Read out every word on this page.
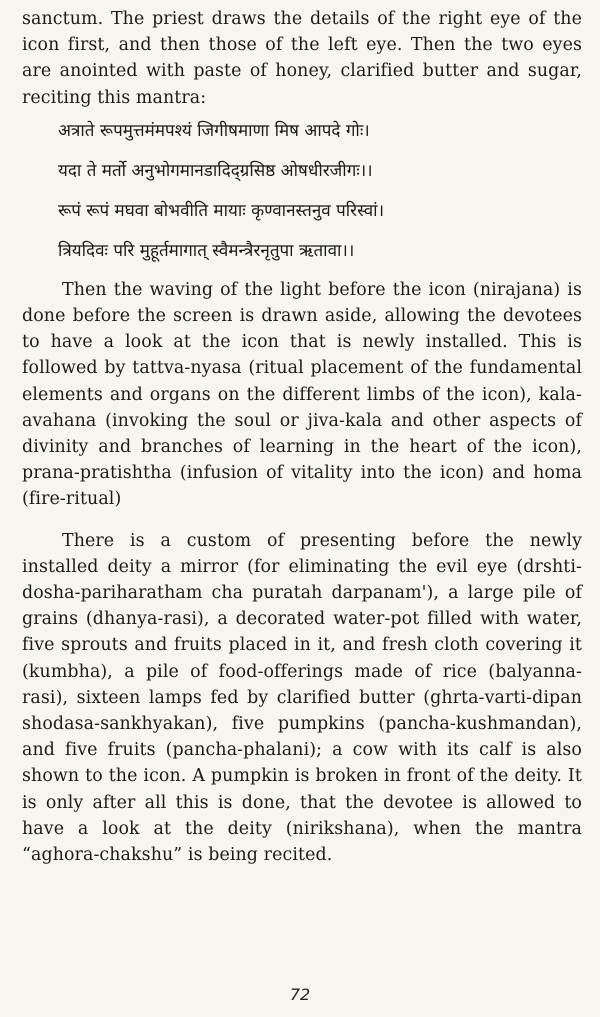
sanctum. The priest draws the details of the right eye of the icon first, and then those of the left eye. Then the two eyes are anointed with paste of honey, clarified butter and sugar, reciting this mantra:

अत्राते रूपमुत्तमंमपश्यं जिगीषमाणा मिष आपदे गोः।
यदा ते मर्तो अनुभोगमानडादिद्ग्रसिष्ठ ओषधीरजीगः।।
रूपं रूपं मघवा बोभवीति मायाः कृण्वानस्तनुव परिस्वां।
त्रियदिवः परि मुहूर्तमागात् स्वैमन्त्रैरनृतुपा ऋतावा।।

Then the waving of the light before the icon (nirajana) is done before the screen is drawn aside, allowing the devotees to have a look at the icon that is newly installed. This is followed by tattva-nyasa (ritual placement of the fundamental elements and organs on the different limbs of the icon), kala-avahana (invoking the soul or jiva-kala and other aspects of divinity and branches of learning in the heart of the icon), prana-pratishtha (infusion of vitality into the icon) and homa (fire-ritual)

There is a custom of presenting before the newly installed deity a mirror (for eliminating the evil eye (drshti-dosha-pariharatham cha puratah darpanam'), a large pile of grains (dhanya-rasi), a decorated water-pot filled with water, five sprouts and fruits placed in it, and fresh cloth covering it (kumbha), a pile of food-offerings made of rice (balyanna-rasi), sixteen lamps fed by clarified butter (ghrta-varti-dipan shodasa-sankhyakan), five pumpkins (pancha-kushmandan), and five fruits (pancha-phalani); a cow with its calf is also shown to the icon. A pumpkin is broken in front of the deity. It is only after all this is done, that the devotee is allowed to have a look at the deity (nirikshana), when the mantra “aghora-chakshu” is being recited.

72
